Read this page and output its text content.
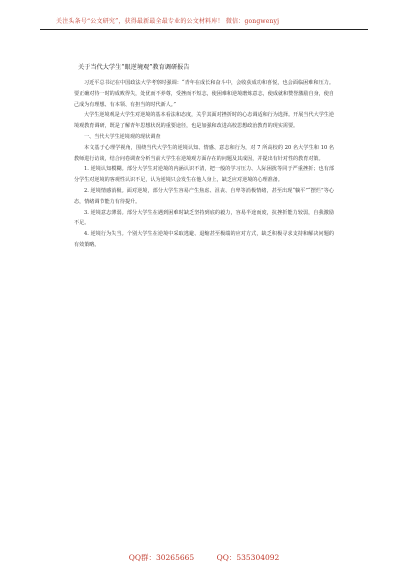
关注头条号“公文研究”，获得最新最全最专业的公文材料库！ 微信：gongwenyj
关于当代大学生“眼逆境观”教育调研报告

习近平总书记在中国政法大学考察时强调：“青年在成长和奋斗中，会收获成功和喜悦，也会面临困难和压力。要正确对待一时的成败得失，处优而不养尊，受挫而不短志，使困难和逆境磨炼意志，使成就和赞誉激励自身，使自己成为有理想、有本领、有担当的时代新人。”

大学生逆境观是大学生对逆境的基本看法和态度，关乎其面对挫折时的心态调适和行为选择。开展当代大学生逆境观教育调研，既是了解青年思想状况的重要途径，也是加强和改进高校思想政治教育的现实需要。

一、当代大学生逆境观的现状调查

本文基于心理学视角，围绕当代大学生的逆境认知、情感、意志和行为，对 7 所高校的 20 名大学生和 10 名教师进行访谈，结合问卷调查分析当前大学生在逆境观方面存在的问题及其成因，并提出有针对性的教育对策。

1. 逆境认知模糊。部分大学生对逆境的内涵认识不清，把一般的学习压力、人际困扰等同于严重挫折；也有部分学生对逆境的客观性认识不足，认为逆境只会发生在他人身上，缺乏应对逆境的心理准备。

2. 逆境情感消极。面对逆境，部分大学生容易产生焦虑、沮丧、自卑等消极情绪，甚至出现“躺平”“摆烂”等心态，情绪调节能力有待提升。

3. 逆境意志薄弱。部分大学生在遇到困难时缺乏坚持到底的毅力，容易半途而废，抗挫折能力较弱，自我激励不足。

4. 逆境行为失当。个别大学生在逆境中采取逃避、退缩甚至极端的应对方式，缺乏积极寻求支持和解决问题的有效策略。

QQ群：30265665	QQ：535304092
